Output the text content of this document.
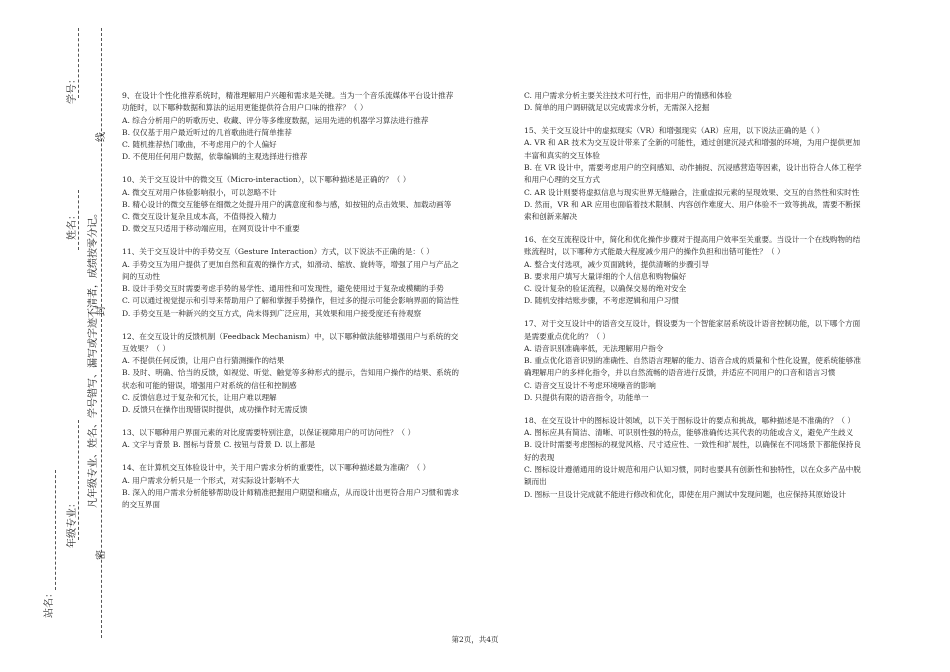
凡年级专业、姓名、学号错写、漏写或字迹不清者，成绩按零分记。
密
封
线
站名：
年级专业：
姓名：
学号：	9、在设计个性化推荐系统时，精准理解用户兴趣和需求是关键。当为一个音乐流媒体平台设计推荐功能时，以下哪种数据和算法的运用更能提供符合用户口味的推荐？（ ）

A. 综合分析用户的听歌历史、收藏、评分等多维度数据，运用先进的机器学习算法进行推荐

B. 仅仅基于用户最近听过的几首歌曲进行简单推荐

C. 随机推荐热门歌曲，不考虑用户的个人偏好

D. 不使用任何用户数据，依靠编辑的主观选择进行推荐

10、关于交互设计中的微交互（Micro-interaction），以下哪种描述是正确的？（ ）

A. 微交互对用户体验影响很小，可以忽略不计

B. 精心设计的微交互能够在细微之处提升用户的满意度和参与感，如按钮的点击效果、加载动画等

C. 微交互设计复杂且成本高，不值得投入精力

D. 微交互只适用于移动端应用，在网页设计中不重要

11、关于交互设计中的手势交互（Gesture Interaction）方式，以下说法不正确的是：（ ）

A. 手势交互为用户提供了更加自然和直观的操作方式，如滑动、缩放、旋转等，增强了用户与产品之间的互动性

B. 设计手势交互时需要考虑手势的易学性、通用性和可发现性，避免使用过于复杂或模糊的手势

C. 可以通过视觉提示和引导来帮助用户了解和掌握手势操作，但过多的提示可能会影响界面的简洁性

D. 手势交互是一种新兴的交互方式，尚未得到广泛应用，其效果和用户接受度还有待观察

12、在交互设计的反馈机制（Feedback Mechanism）中，以下哪种做法能够增强用户与系统的交互效果？（ ）

A. 不提供任何反馈，让用户自行猜测操作的结果

B. 及时、明确、恰当的反馈，如视觉、听觉、触觉等多种形式的提示，告知用户操作的结果、系统的状态和可能的错误，增强用户对系统的信任和控制感

C. 反馈信息过于复杂和冗长，让用户难以理解

D. 反馈只在操作出现错误时提供，成功操作时无需反馈

13、以下哪种用户界面元素的对比度需要特别注意，以保证视障用户的可访问性？（ ）

A. 文字与背景 B. 图标与背景 C. 按钮与背景 D. 以上都是

14、在计算机交互体验设计中，关于用户需求分析的重要性，以下哪种描述最为准确？（ ）

A. 用户需求分析只是一个形式，对实际设计影响不大

B. 深入的用户需求分析能够帮助设计师精准把握用户期望和痛点，从而设计出更符合用户习惯和需求的交互界面

C. 用户需求分析主要关注技术可行性，而非用户的情感和体验

D. 简单的用户调研就足以完成需求分析，无需深入挖掘

15、关于交互设计中的虚拟现实（VR）和增强现实（AR）应用，以下说法正确的是（ ）

A. VR 和 AR 技术为交互设计带来了全新的可能性，通过创建沉浸式和增强的环境，为用户提供更加丰富和真实的交互体验

B. 在 VR 设计中，需要考虑用户的空间感知、动作捕捉、沉浸感营造等因素，设计出符合人体工程学和用户心理的交互方式

C. AR 设计则要将虚拟信息与现实世界无缝融合，注重虚拟元素的呈现效果、交互的自然性和实时性

D. 然而，VR 和 AR 应用也面临着技术限制、内容创作难度大、用户体验不一致等挑战，需要不断探索和创新来解决

16、在交互流程设计中，简化和优化操作步骤对于提高用户效率至关重要。当设计一个在线购物的结账流程时，以下哪种方式能最大程度减少用户的操作负担和出错可能性？（ ）

A. 整合支付选项，减少页面跳转，提供清晰的步骤引导

B. 要求用户填写大量详细的个人信息和购物偏好

C. 设计复杂的验证流程，以确保交易的绝对安全

D. 随机安排结账步骤，不考虑逻辑和用户习惯

17、对于交互设计中的语音交互设计，假设要为一个智能家居系统设计语音控制功能，以下哪个方面是需要重点优化的？（ ）

A. 语音识别准确率低，无法理解用户指令

B. 重点优化语音识别的准确性、自然语言理解的能力、语音合成的质量和个性化设置，使系统能够准确理解用户的多样化指令，并以自然流畅的语音进行反馈，并适应不同用户的口音和语言习惯

C. 语音交互设计不考虑环境噪音的影响

D. 只提供有限的语音指令，功能单一

18、在交互设计中的图标设计领域，以下关于图标设计的要点和挑战，哪种描述是不准确的？（ ）

A. 图标应具有简洁、清晰、可识别性强的特点，能够准确传达其代表的功能或含义，避免产生歧义

B. 设计时需要考虑图标的视觉风格、尺寸适应性、一致性和扩展性，以确保在不同场景下都能保持良好的表现

C. 图标设计遵循通用的设计规范和用户认知习惯，同时也要具有创新性和独特性，以在众多产品中脱颖而出

D. 图标一旦设计完成就不能进行修改和优化，即使在用户测试中发现问题，也应保持其原始设计

第2页，共4页
